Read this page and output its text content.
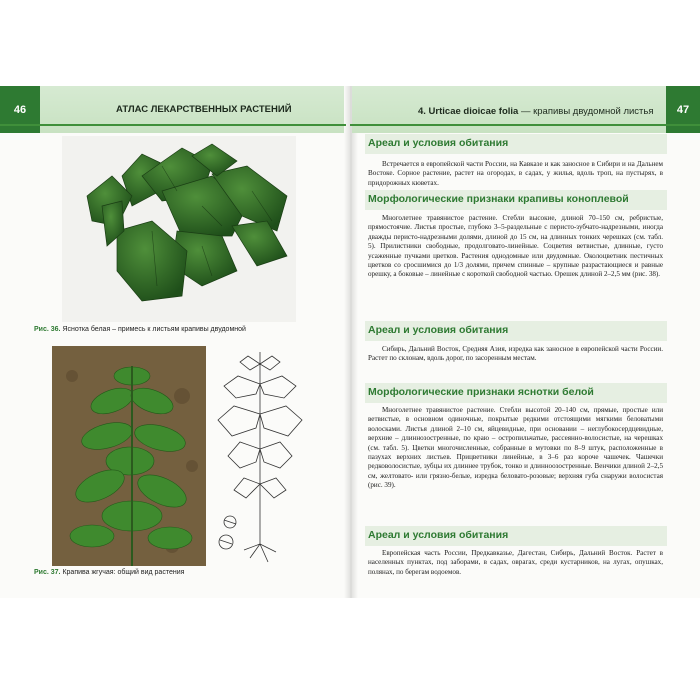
46	АТЛАС ЛЕКАРСТВЕННЫХ РАСТЕНИЙ	4. Urticae dioicae folia — крапивы двудомной листья	47
Рис. 36. Яснотка белая – примесь к листьям крапивы двудомной
Рис. 37. Крапива жгучая: общий вид растения
Ареал и условия обитания
Встречается в европейской части России, на Кавказе и как заносное в Сибири и на Дальнем Востоке. Сорное растение, растет на огородах, в садах, у жилья, вдоль троп, на пустырях, в придорожных кюветах.
Морфологические признаки крапивы коноплевой
Многолетнее травянистое растение. Стебли высокие, длиной 70–150 см, ребристые, прямостоячие. Листья простые, глубоко 3–5-раздельные с перисто-зубчато-надрезными, иногда дважды перисто-надрезными долями, длиной до 15 см, на длинных тонких черешках (см. табл. 5). Прилистники свободные, продолговато-линейные. Соцветия ветвистые, длинные, густо усаженные пучками цветков. Растения однодомные или двудомные. Околоцветник пестичных цветков со сросшимися до 1/3 долями, причем спинные – крупные разрастающиеся и равные орешку, а боковые – линейные с короткой свободной частью. Орешек длиной 2–2,5 мм (рис. 38).
Ареал и условия обитания
Сибирь, Дальний Восток, Средняя Азия, изредка как заносное в европейской части России. Растет по склонам, вдоль дорог, по засоренным местам.
Морфологические признаки яснотки белой
Многолетнее травянистое растение. Стебли высотой 20–140 см, прямые, простые или ветвистые, в основном одиночные, покрытые редкими отстоящими мягкими беловатыми волосками. Листья длиной 2–10 см, яйцевидные, при основании – неглубокосердцевидные, верхние – длиннозостренные, по краю – остропильчатые, рассеянно-волосистые, на черешках (см. табл. 5). Цветки многочисленные, собранные в мутовки по 8–9 штук, расположенные в пазухах верхних листьев. Прицветники линейные, в 3–6 раз короче чашечек. Чашечки редковолосистые, зубцы их длиннее трубок, тонко и длинноозостренные. Венчики длиной 2–2,5 см, желтовато- или грязно-белые, изредка беловато-розовые; верхняя губа снаружи волосистая (рис. 39).
Ареал и условия обитания
Европейская часть России, Предкавказье, Дагестан, Сибирь, Дальний Восток. Растет в населенных пунктах, под заборами, в садах, оврагах, среди кустарников, на лугах, опушках, полянах, по берегам водоемов.
